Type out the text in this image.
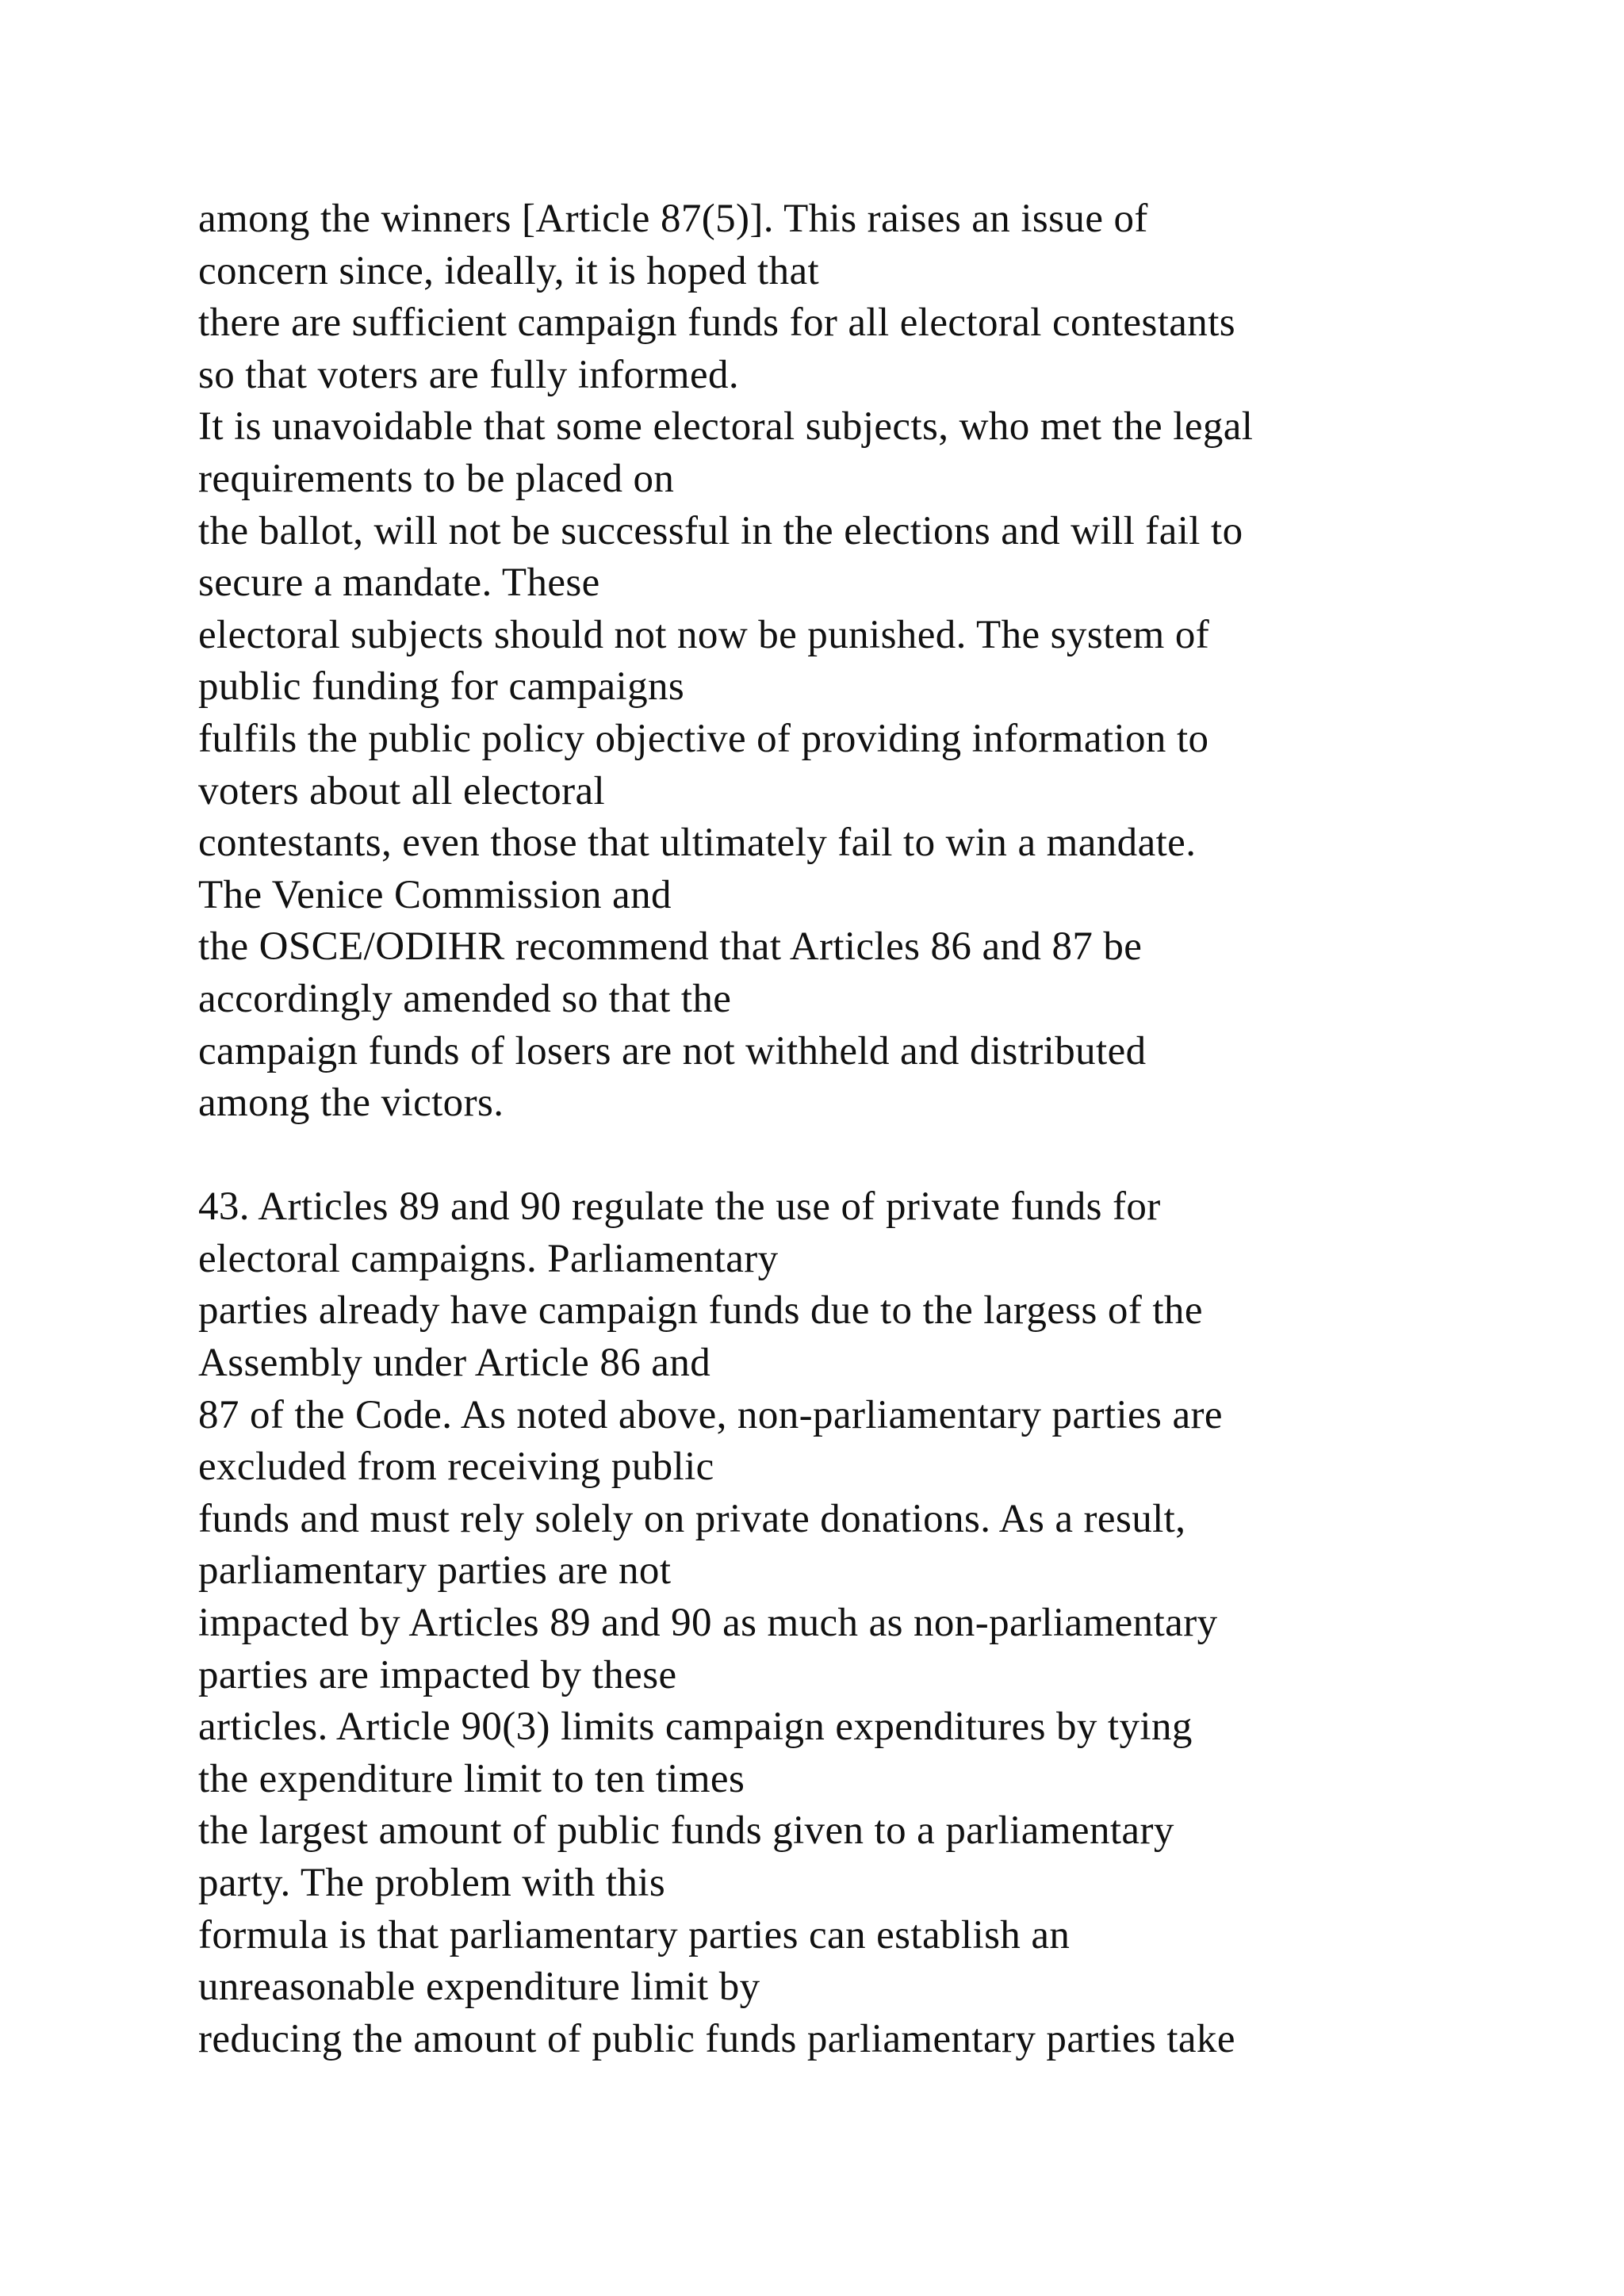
among the winners [Article 87(5)]. This raises an issue of
concern since, ideally, it is hoped that
there are sufficient campaign funds for all electoral contestants
so that voters are fully informed.
It is unavoidable that some electoral subjects, who met the legal
requirements to be placed on
the ballot, will not be successful in the elections and will fail to
secure a mandate. These
electoral subjects should not now be punished. The system of
public funding for campaigns
fulfils the public policy objective of providing information to
voters about all electoral
contestants, even those that ultimately fail to win a mandate.
The Venice Commission and
the OSCE/ODIHR recommend that Articles 86 and 87 be
accordingly amended so that the
campaign funds of losers are not withheld and distributed
among the victors.
43. Articles 89 and 90 regulate the use of private funds for
electoral campaigns. Parliamentary
parties already have campaign funds due to the largess of the
Assembly under Article 86 and
87 of the Code. As noted above, non-parliamentary parties are
excluded from receiving public
funds and must rely solely on private donations. As a result,
parliamentary parties are not
impacted by Articles 89 and 90 as much as non-parliamentary
parties are impacted by these
articles. Article 90(3) limits campaign expenditures by tying
the expenditure limit to ten times
the largest amount of public funds given to a parliamentary
party. The problem with this
formula is that parliamentary parties can establish an
unreasonable expenditure limit by
reducing the amount of public funds parliamentary parties take
